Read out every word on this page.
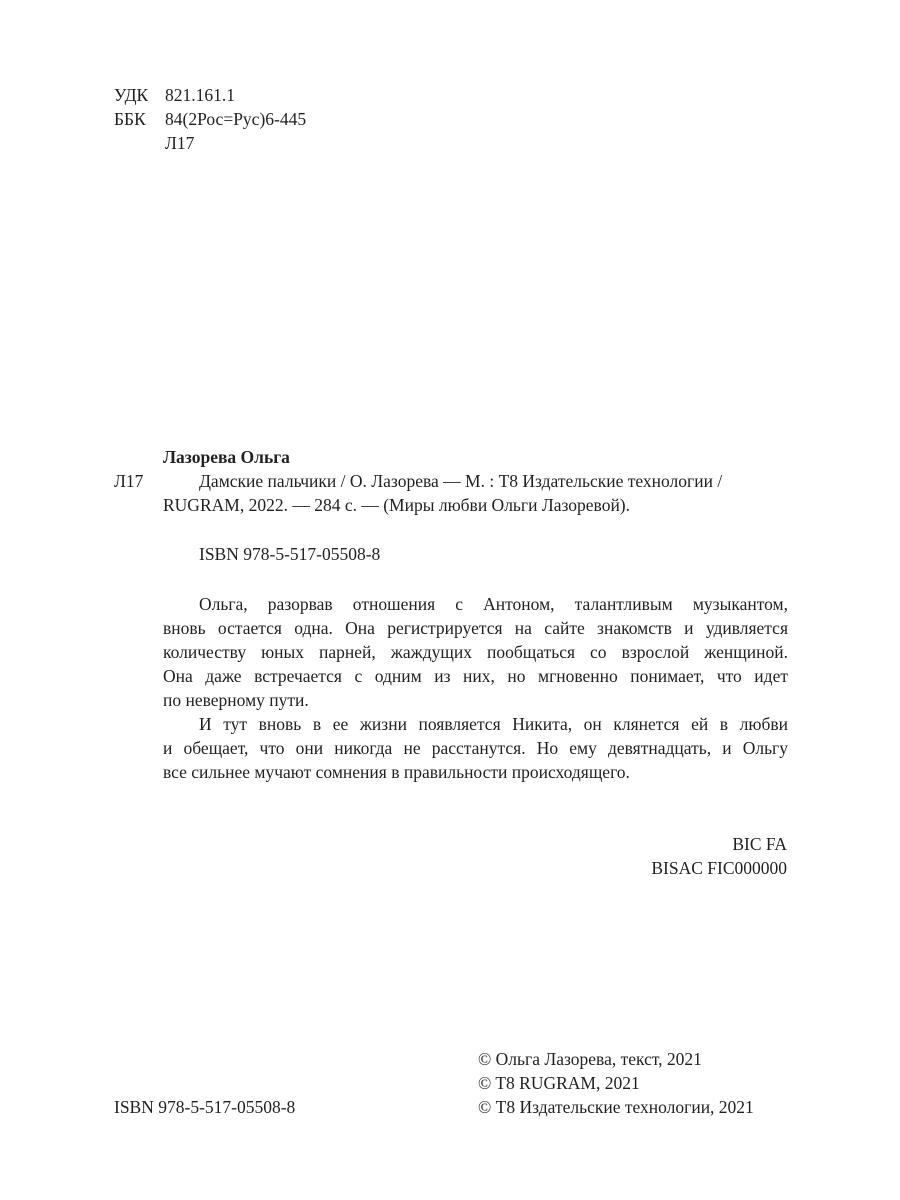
УДК 821.161.1
ББК	84(2Рос=Рус)6-445
Л17
Лазорева Ольга
Л17	Дамские пальчики / О. Лазорева — М. : Т8 Издательские технологии /
RUGRAM, 2022. — 284 с. — (Миры любви Ольги Лазоревой).
ISBN 978-5-517-05508-8
Ольга, разорвав отношения с Антоном, талантливым музыкантом,
вновь остается одна. Она регистрируется на сайте знакомств и удивляется
количеству юных парней, жаждущих пообщаться со взрослой женщиной.
Она даже встречается с одним из них, но мгновенно понимает, что идет
по неверному пути.
И тут вновь в ее жизни появляется Никита, он клянется ей в любви
и обещает, что они никогда не расстанутся. Но ему девятнадцать, и Ольгу
все сильнее мучают сомнения в правильности происходящего.
BIC FA
BISAC FIC000000
© Ольга Лазорева, текст, 2021
© T8 RUGRAM, 2021
© Т8 Издательские технологии, 2021
ISBN 978-5-517-05508-8
